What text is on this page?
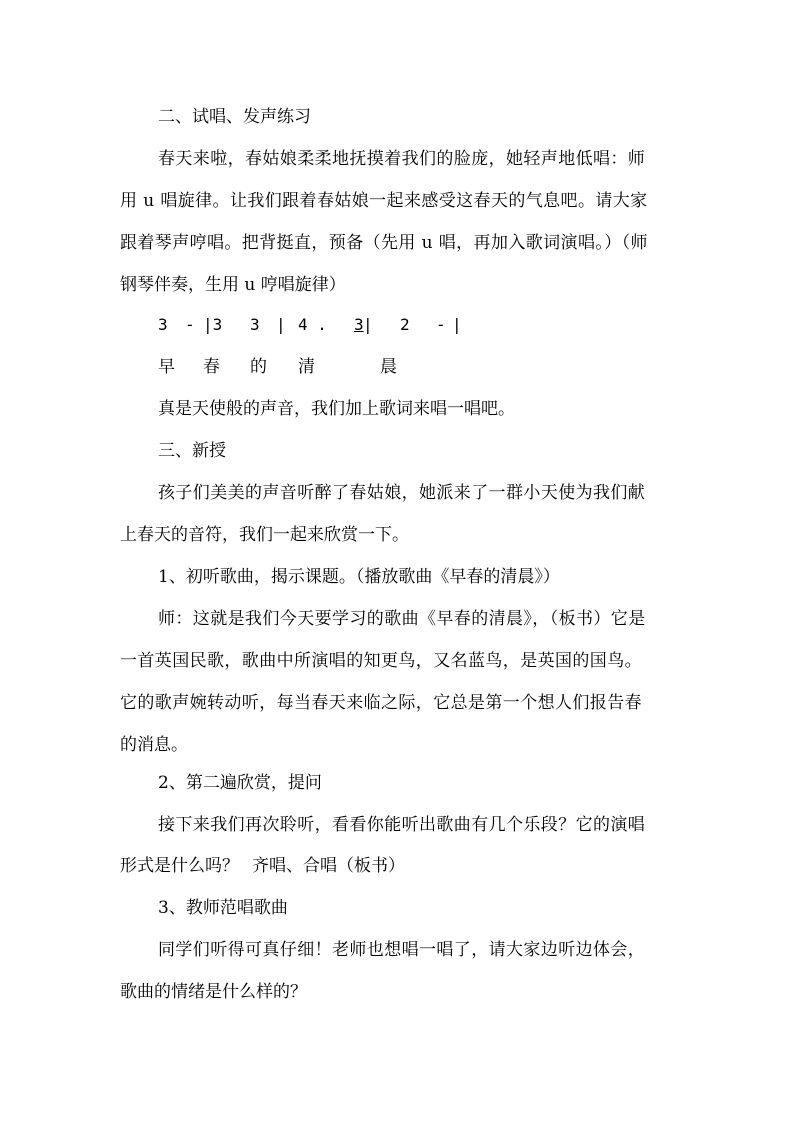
二、试唱、发声练习
春天来啦，春姑娘柔柔地抚摸着我们的脸庞，她轻声地低唱：师
用 u 唱旋律。让我们跟着春姑娘一起来感受这春天的气息吧。请大家
跟着琴声哼唱。把背挺直，预备（先用 u 唱，再加入歌词演唱。）（师
钢琴伴奏，生用 u 哼唱旋律）
3 - |3 3 | 4 . 3 | 2 - |
早 春 的 清	晨
真是天使般的声音，我们加上歌词来唱一唱吧。
三、新授
孩子们美美的声音听醉了春姑娘，她派来了一群小天使为我们献
上春天的音符，我们一起来欣赏一下。
1、初听歌曲，揭示课题。（播放歌曲《早春的清晨》）
师：这就是我们今天要学习的歌曲《早春的清晨》，（板书）它是
一首英国民歌，歌曲中所演唱的知更鸟，又名蓝鸟，是英国的国鸟。
它的歌声婉转动听，每当春天来临之际，它总是第一个想人们报告春
的消息。
2、第二遍欣赏，提问
接下来我们再次聆听，看看你能听出歌曲有几个乐段？它的演唱
形式是什么吗？ 齐唱、合唱（板书）
3、教师范唱歌曲
同学们听得可真仔细！老师也想唱一唱了，请大家边听边体会，
歌曲的情绪是什么样的？
